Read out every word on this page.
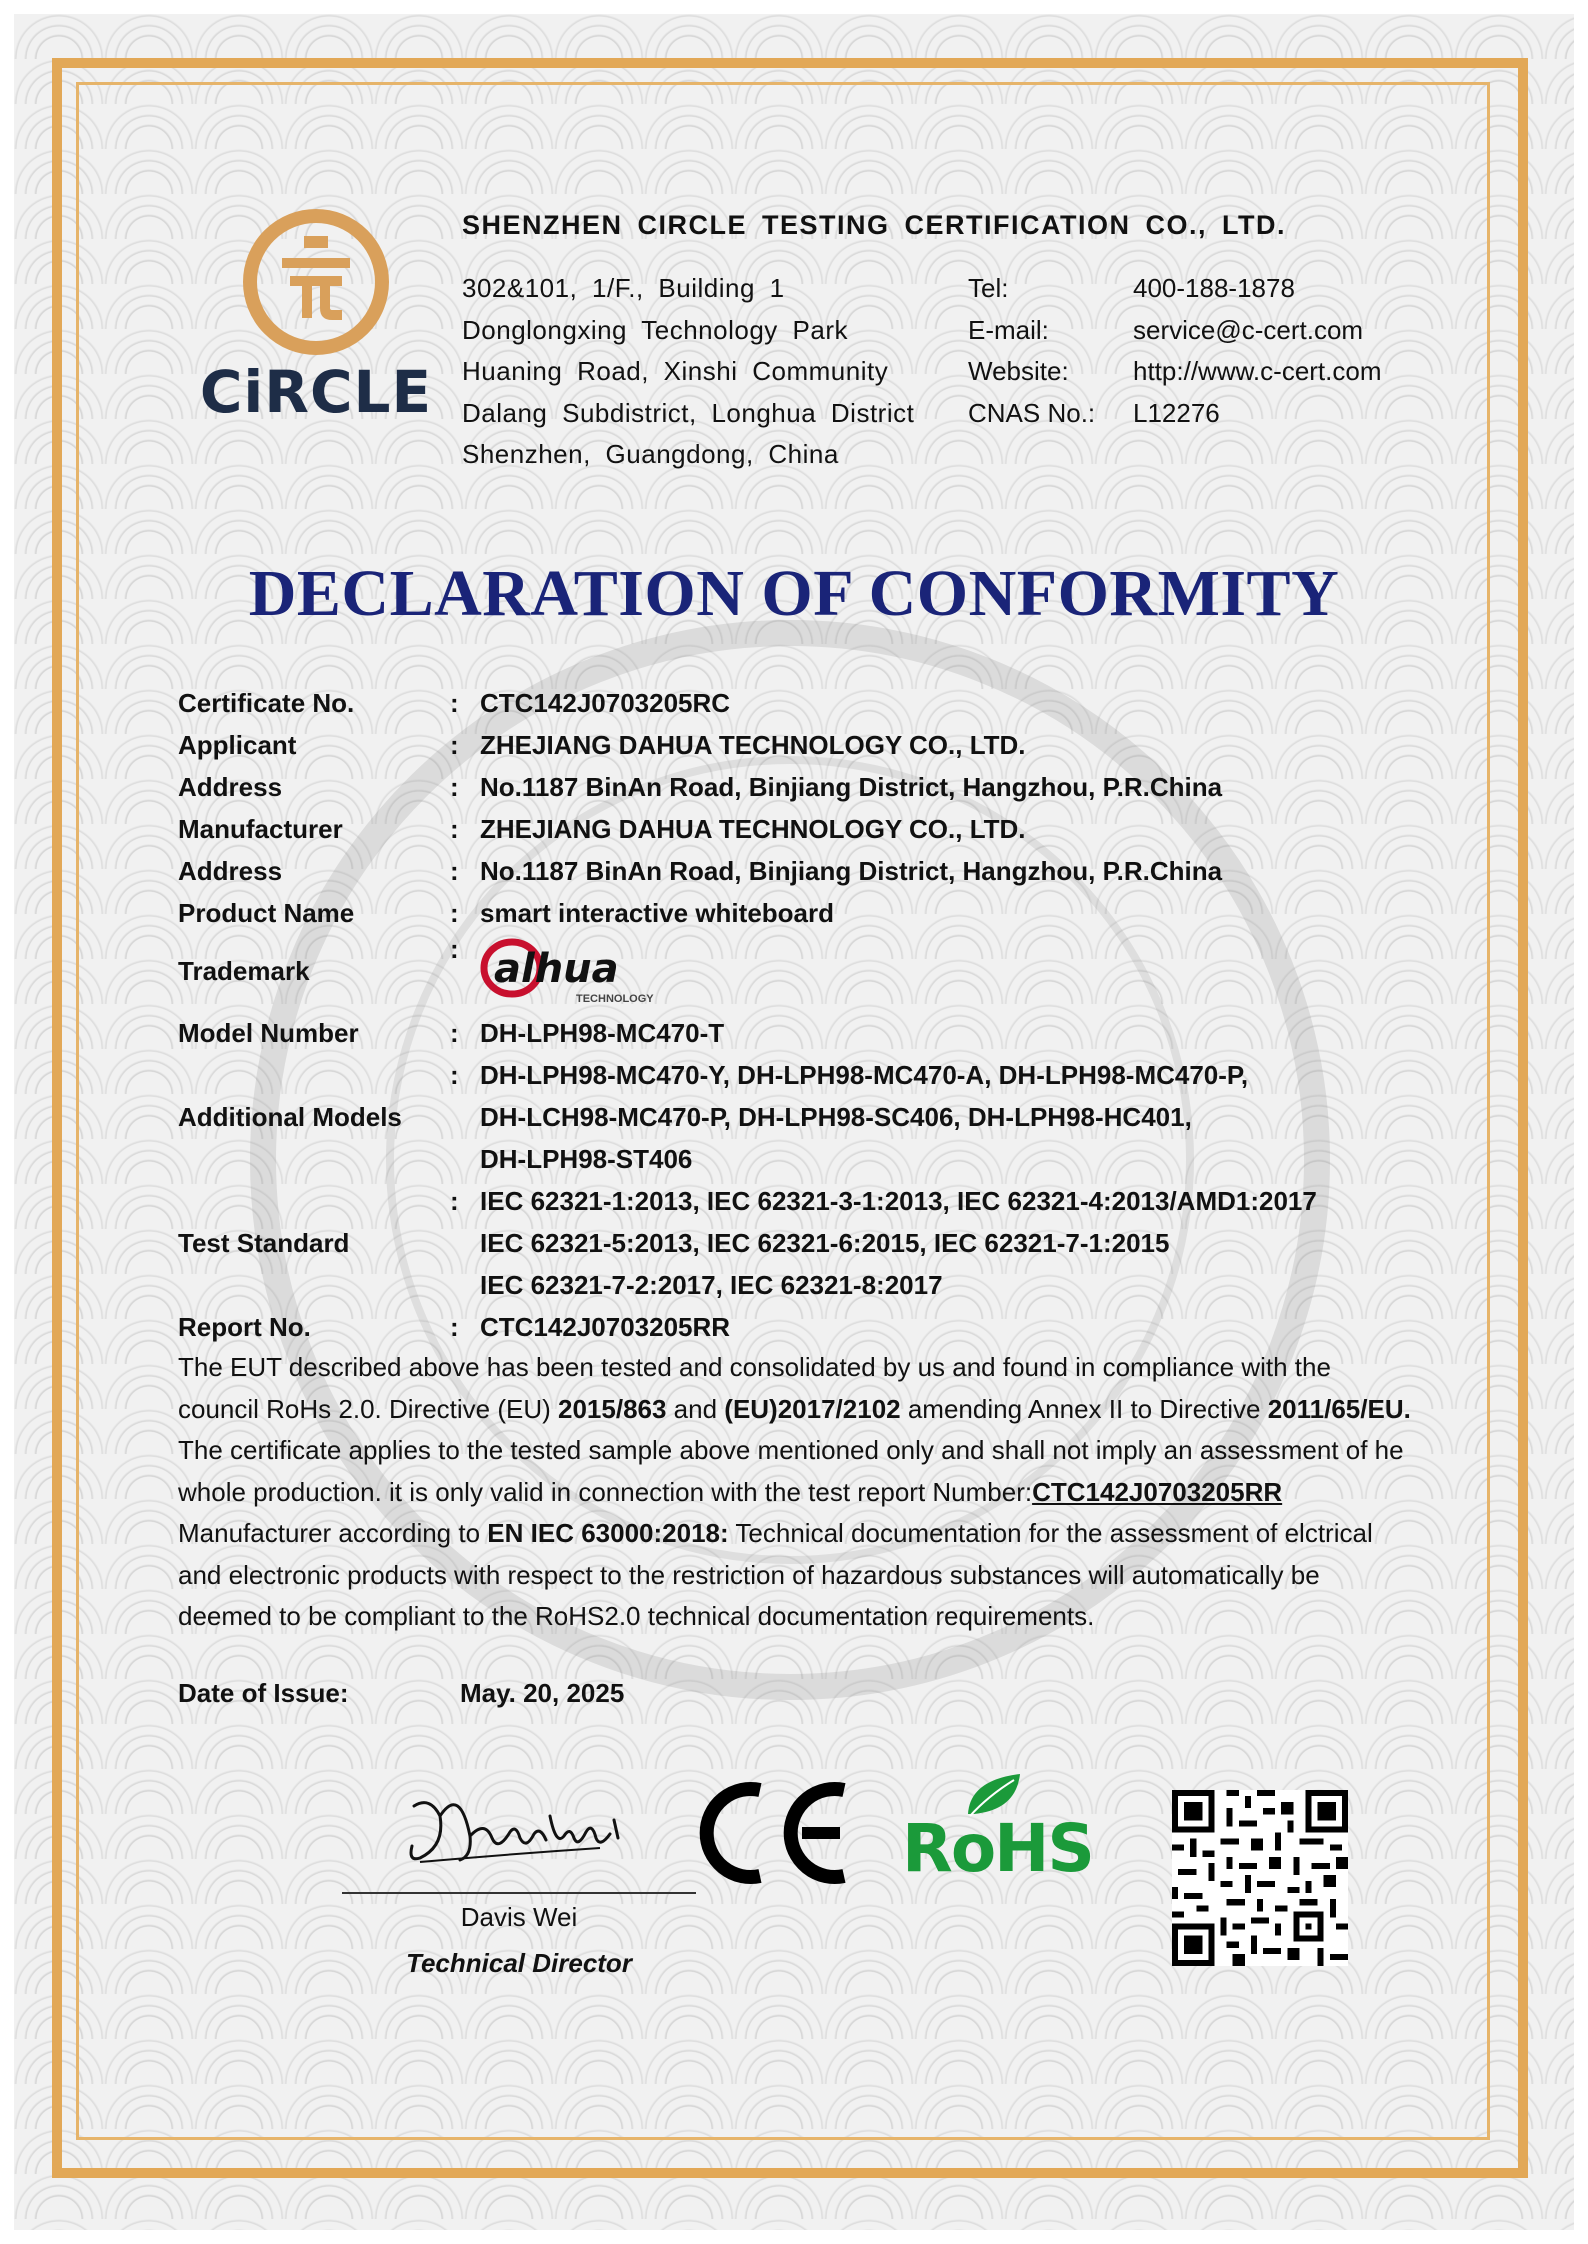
CiRCLE
SHENZHEN CIRCLE TESTING CERTIFICATION CO., LTD.
302&101, 1/F., Building 1
Donglongxing Technology Park
Huaning Road, Xinshi Community
Dalang Subdistrict, Longhua District
Shenzhen, Guangdong, China
Tel:	400-188-1878
E-mail:	service@c-cert.com
Website:	http://www.c-cert.com
CNAS No.:	L12276
DECLARATION OF CONFORMITY
Certificate No.	: CTC142J0703205RC
Applicant	: ZHEJIANG DAHUA TECHNOLOGY CO., LTD.
Address	: No.1187 BinAn Road, Binjiang District, Hangzhou, P.R.China
Manufacturer	: ZHEJIANG DAHUA TECHNOLOGY CO., LTD.
Address	: No.1187 BinAn Road, Binjiang District, Hangzhou, P.R.China
Product Name	: smart interactive whiteboard
Trademark
: alhua
TECHNOLOGY
Model Number	: DH-LPH98-MC470-T
: DH-LPH98-MC470-Y, DH-LPH98-MC470-A, DH-LPH98-MC470-P,
Additional Models	DH-LCH98-MC470-P, DH-LPH98-SC406, DH-LPH98-HC401,
DH-LPH98-ST406
: IEC 62321-1:2013, IEC 62321-3-1:2013, IEC 62321-4:2013/AMD1:2017
Test Standard	IEC 62321-5:2013, IEC 62321-6:2015, IEC 62321-7-1:2015
IEC 62321-7-2:2017, IEC 62321-8:2017
Report No.	: CTC142J0703205RR
The EUT described above has been tested and consolidated by us and found in compliance with the council RoHs 2.0. Directive (EU) 2015/863 and (EU)2017/2102 amending Annex II to Directive 2011/65/EU. The certificate applies to the tested sample above mentioned only and shall not imply an assessment of he whole production. it is only valid in connection with the test report Number:CTC142J0703205RR
Manufacturer according to EN IEC 63000:2018: Technical documentation for the assessment of elctrical and electronic products with respect to the restriction of hazardous substances will automatically be deemed to be compliant to the RoHS2.0 technical documentation requirements.
Date of Issue:	May. 20, 2025
Davis Wei
Technical Director
RoHS
